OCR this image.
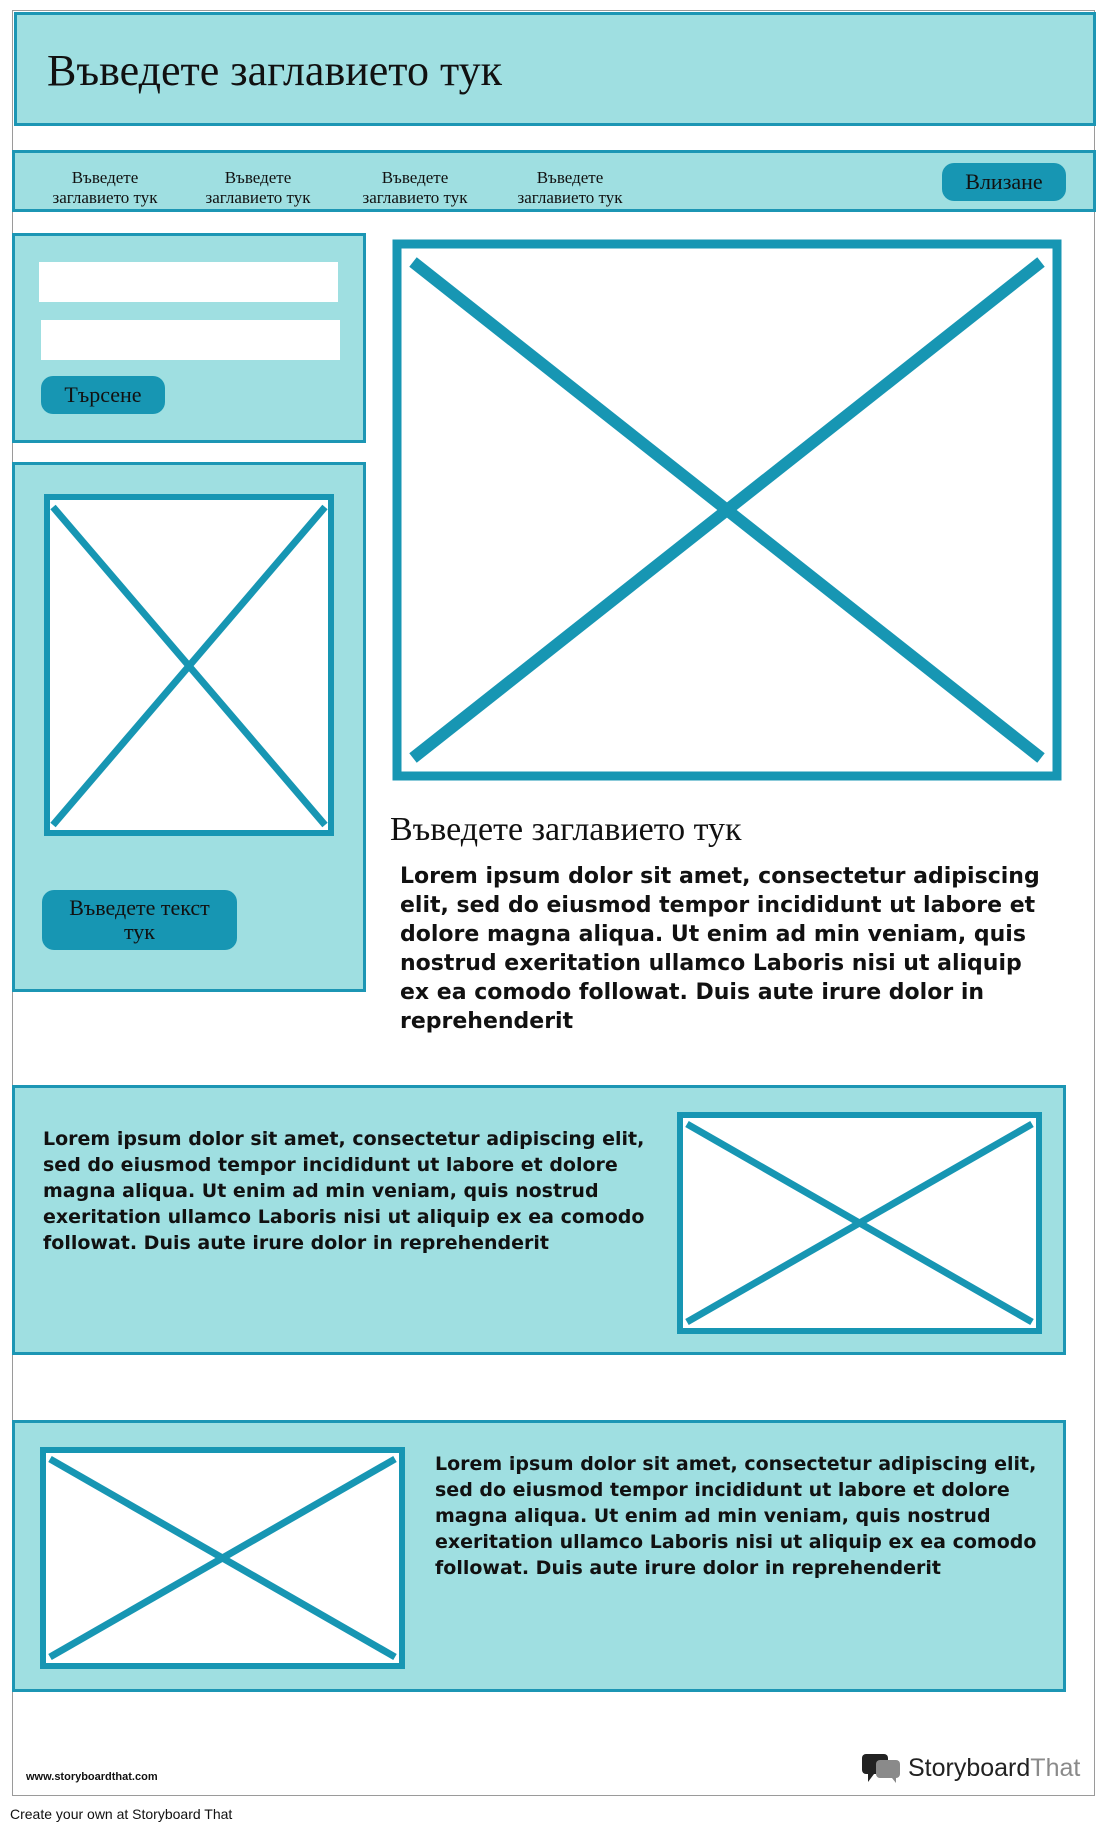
Въведете заглавието тук
Въведете
заглавието тук
Въведете
заглавието тук
Въведете
заглавието тук
Въведете
заглавието тук
Влизане
Търсене
Въведете текст
тук
Въведете заглавието тук
Lorem ipsum dolor sit amet, consectetur adipiscing elit, sed do eiusmod tempor incididunt ut labore et dolore magna aliqua. Ut enim ad min veniam, quis nostrud exeritation ullamco Laboris nisi ut aliquip ex ea comodo followat. Duis aute irure dolor in reprehenderit
Lorem ipsum dolor sit amet, consectetur adipiscing elit, sed do eiusmod tempor incididunt ut labore et dolore magna aliqua. Ut enim ad min veniam, quis nostrud exeritation ullamco Laboris nisi ut aliquip ex ea comodo followat. Duis aute irure dolor in reprehenderit
Lorem ipsum dolor sit amet, consectetur adipiscing elit, sed do eiusmod tempor incididunt ut labore et dolore magna aliqua. Ut enim ad min veniam, quis nostrud exeritation ullamco Laboris nisi ut aliquip ex ea comodo followat. Duis aute irure dolor in reprehenderit
www.storyboardthat.com	StoryboardThat
Create your own at Storyboard That
